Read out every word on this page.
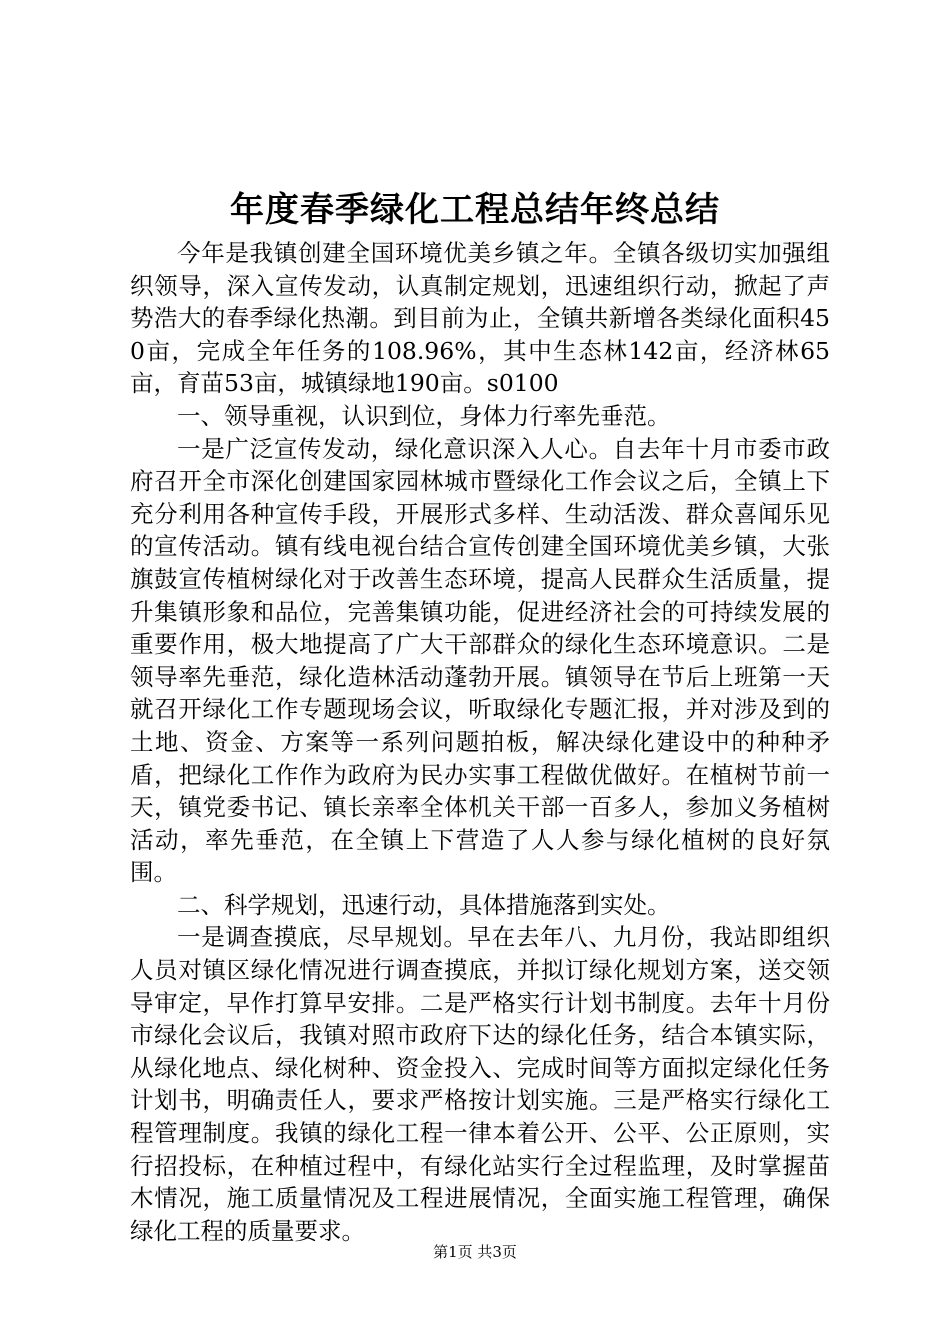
年度春季绿化工程总结年终总结

今年是我镇创建全国环境优美乡镇之年。全镇各级切实加强组织领导，深入宣传发动，认真制定规划，迅速组织行动，掀起了声势浩大的春季绿化热潮。到目前为止，全镇共新增各类绿化面积450亩，完成全年任务的108.96%，其中生态林142亩，经济林65亩，育苗53亩，城镇绿地190亩。s0100

一、领导重视，认识到位，身体力行率先垂范。

一是广泛宣传发动，绿化意识深入人心。自去年十月市委市政府召开全市深化创建国家园林城市暨绿化工作会议之后，全镇上下充分利用各种宣传手段，开展形式多样、生动活泼、群众喜闻乐见的宣传活动。镇有线电视台结合宣传创建全国环境优美乡镇，大张旗鼓宣传植树绿化对于改善生态环境，提高人民群众生活质量，提升集镇形象和品位，完善集镇功能，促进经济社会的可持续发展的重要作用，极大地提高了广大干部群众的绿化生态环境意识。二是领导率先垂范，绿化造林活动蓬勃开展。镇领导在节后上班第一天就召开绿化工作专题现场会议，听取绿化专题汇报，并对涉及到的土地、资金、方案等一系列问题拍板，解决绿化建设中的种种矛盾，把绿化工作作为政府为民办实事工程做优做好。在植树节前一天，镇党委书记、镇长亲率全体机关干部一百多人，参加义务植树活动，率先垂范，在全镇上下营造了人人参与绿化植树的良好氛围。

二、科学规划，迅速行动，具体措施落到实处。

一是调查摸底，尽早规划。早在去年八、九月份，我站即组织人员对镇区绿化情况进行调查摸底，并拟订绿化规划方案，送交领导审定，早作打算早安排。二是严格实行计划书制度。去年十月份市绿化会议后，我镇对照市政府下达的绿化任务，结合本镇实际，从绿化地点、绿化树种、资金投入、完成时间等方面拟定绿化任务计划书，明确责任人，要求严格按计划实施。三是严格实行绿化工程管理制度。我镇的绿化工程一律本着公开、公平、公正原则，实行招投标，在种植过程中，有绿化站实行全过程监理，及时掌握苗木情况，施工质量情况及工程进展情况，全面实施工程管理，确保绿化工程的质量要求。

第1页 共3页
